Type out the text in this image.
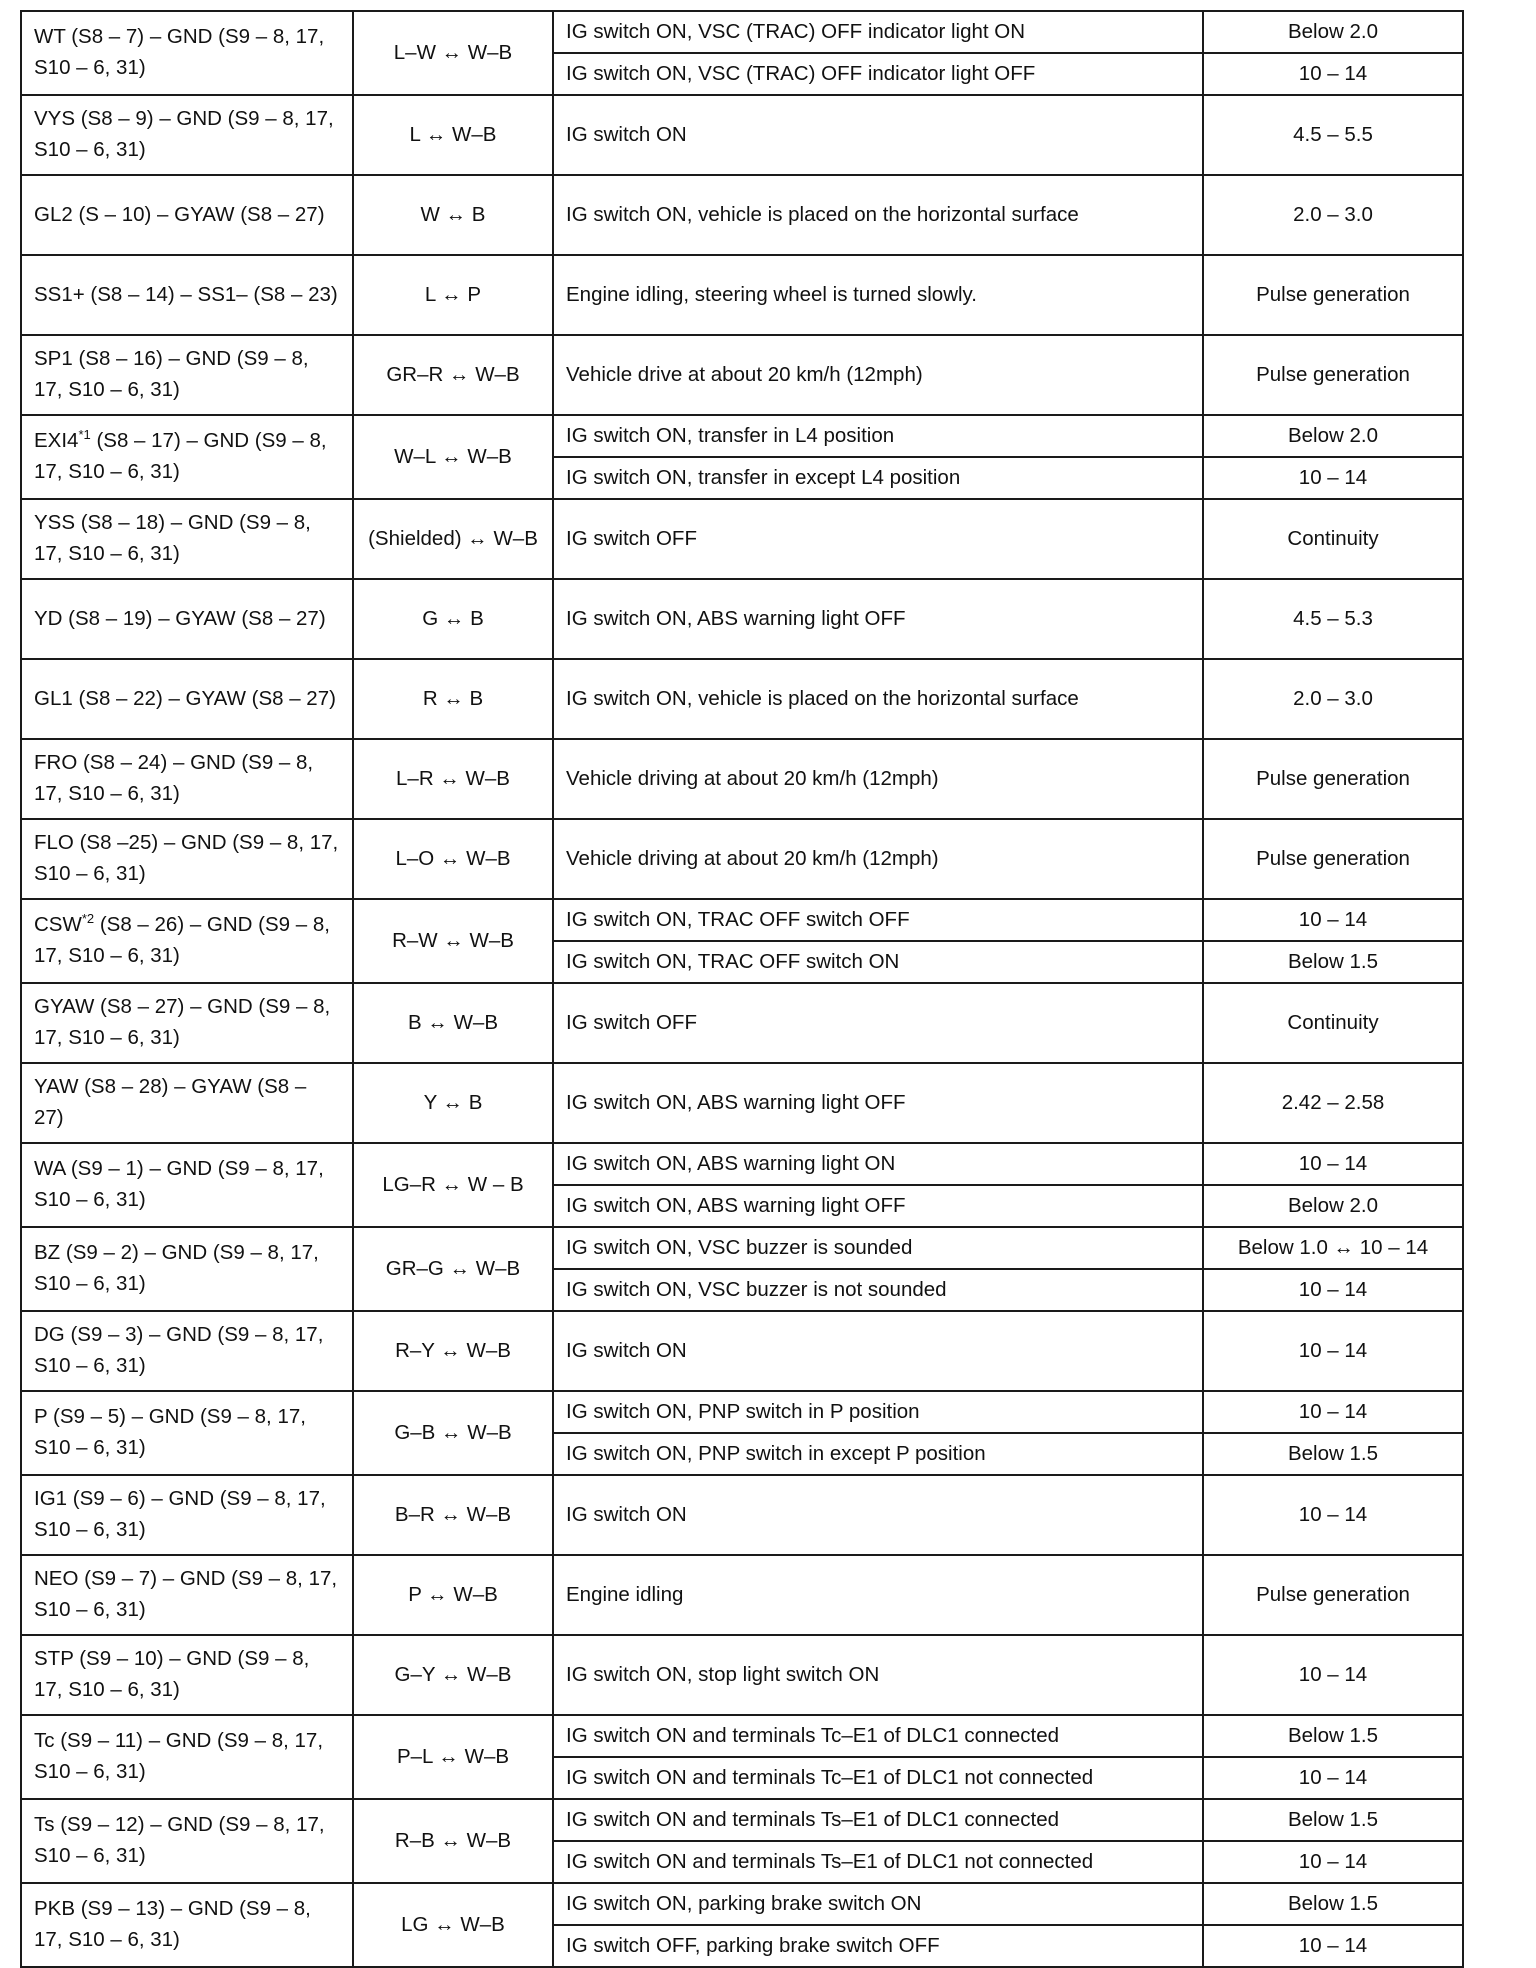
WT (S8 – 7) – GND (S9 – 8, 17, S10 – 6, 31)	L–W ↔ W–B	IG switch ON, VSC (TRAC) OFF indicator light ON	Below 2.0
		IG switch ON, VSC (TRAC) OFF indicator light OFF	10 – 14
VYS (S8 – 9) – GND (S9 – 8, 17, S10 – 6, 31)	L ↔ W–B	IG switch ON	4.5 – 5.5
GL2 (S – 10) – GYAW (S8 – 27)	W ↔ B	IG switch ON, vehicle is placed on the horizontal surface	2.0 – 3.0
SS1+ (S8 – 14) – SS1– (S8 – 23)	L ↔ P	Engine idling, steering wheel is turned slowly.	Pulse generation
SP1 (S8 – 16) – GND (S9 – 8, 17, S10 – 6, 31)	GR–R ↔ W–B	Vehicle drive at about 20 km/h (12mph)	Pulse generation
EXI4$^{*1}$ (S8 – 17) – GND (S9 – 8, 17, S10 – 6, 31)	W–L ↔ W–B	IG switch ON, transfer in L4 position	Below 2.0
		IG switch ON, transfer in except L4 position	10 – 14
YSS (S8 – 18) – GND (S9 – 8, 17, S10 – 6, 31)	(Shielded) ↔ W–B	IG switch OFF	Continuity
YD (S8 – 19) – GYAW (S8 – 27)	G ↔ B	IG switch ON, ABS warning light OFF	4.5 – 5.3
GL1 (S8 – 22) – GYAW (S8 – 27)	R ↔ B	IG switch ON, vehicle is placed on the horizontal surface	2.0 – 3.0
FRO (S8 – 24) – GND (S9 – 8, 17, S10 – 6, 31)	L–R ↔ W–B	Vehicle driving at about 20 km/h (12mph)	Pulse generation
FLO (S8 –25) – GND (S9 – 8, 17, S10 – 6, 31)	L–O ↔ W–B	Vehicle driving at about 20 km/h (12mph)	Pulse generation
CSW$^{*2}$ (S8 – 26) – GND (S9 – 8, 17, S10 – 6, 31)	R–W ↔ W–B	IG switch ON, TRAC OFF switch OFF	10 – 14
		IG switch ON, TRAC OFF switch ON	Below 1.5
GYAW (S8 – 27) – GND (S9 – 8, 17, S10 – 6, 31)	B ↔ W–B	IG switch OFF	Continuity
YAW (S8 – 28) – GYAW (S8 – 27)	Y ↔ B	IG switch ON, ABS warning light OFF	2.42 – 2.58
WA (S9 – 1) – GND (S9 – 8, 17, S10 – 6, 31)	LG–R ↔ W – B	IG switch ON, ABS warning light ON	10 – 14
		IG switch ON, ABS warning light OFF	Below 2.0
BZ (S9 – 2) – GND (S9 – 8, 17, S10 – 6, 31)	GR–G ↔ W–B	IG switch ON, VSC buzzer is sounded	Below 1.0 ↔ 10 – 14
		IG switch ON, VSC buzzer is not sounded	10 – 14
DG (S9 – 3) – GND (S9 – 8, 17, S10 – 6, 31)	R–Y ↔ W–B	IG switch ON	10 – 14
P (S9 – 5) – GND (S9 – 8, 17, S10 – 6, 31)	G–B ↔ W–B	IG switch ON, PNP switch in P position	10 – 14
		IG switch ON, PNP switch in except P position	Below 1.5
IG1 (S9 – 6) – GND (S9 – 8, 17, S10 – 6, 31)	B–R ↔ W–B	IG switch ON	10 – 14
NEO (S9 – 7) – GND (S9 – 8, 17, S10 – 6, 31)	P ↔ W–B	Engine idling	Pulse generation
STP (S9 – 10) – GND (S9 – 8, 17, S10 – 6, 31)	G–Y ↔ W–B	IG switch ON, stop light switch ON	10 – 14
Tc (S9 – 11) – GND (S9 – 8, 17, S10 – 6, 31)	P–L ↔ W–B	IG switch ON and terminals Tc–E1 of DLC1 connected	Below 1.5
		IG switch ON and terminals Tc–E1 of DLC1 not connected	10 – 14
Ts (S9 – 12) – GND (S9 – 8, 17, S10 – 6, 31)	R–B ↔ W–B	IG switch ON and terminals Ts–E1 of DLC1 connected	Below 1.5
		IG switch ON and terminals Ts–E1 of DLC1 not connected	10 – 14
PKB (S9 – 13) – GND (S9 – 8, 17, S10 – 6, 31)	LG ↔ W–B	IG switch ON, parking brake switch ON	Below 1.5
		IG switch OFF, parking brake switch OFF	10 – 14
